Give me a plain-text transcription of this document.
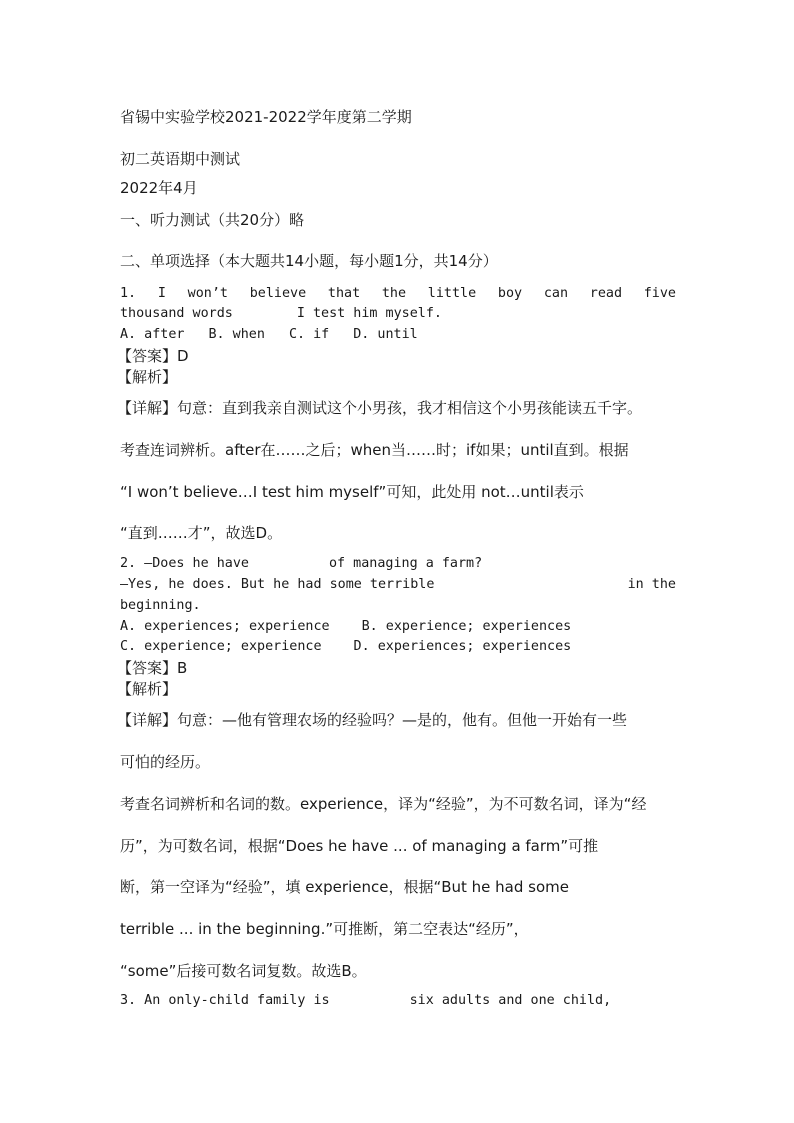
省锡中实验学校2021-2022学年度第二学期
初二英语期中测试
2022年4月
一、听力测试（共20分）略
二、单项选择（本大题共14小题，每小题1分，共14分）
1. I won’t believe that the little boy can read five
thousand words	I test him myself.
A. after B. when C. if D. until
【答案】D
【解析】
【详解】句意：直到我亲自测试这个小男孩，我才相信这个小男孩能读五千字。
考查连词辨析。after在……之后；when当……时；if如果；until直到。根据
“I won’t believe…I test him myself”可知，此处用 not…until表示
“直到……才”，故选D。
2. —Does he have	of managing a farm?
—Yes, he does. But he had some terrible	in the
beginning.
A. experiences; experience B. experience; experiences
C. experience; experience D. experiences; experiences
【答案】B
【解析】
【详解】句意：—他有管理农场的经验吗？—是的，他有。但他一开始有一些
可怕的经历。
考查名词辨析和名词的数。experience，译为“经验”，为不可数名词，译为“经
历”，为可数名词，根据“Does he have ... of managing a farm”可推
断，第一空译为“经验”，填 experience，根据“But he had some
terrible ... in the beginning.”可推断，第二空表达“经历”，
“some”后接可数名词复数。故选B。
3. An only-child family is	six adults and one child,
